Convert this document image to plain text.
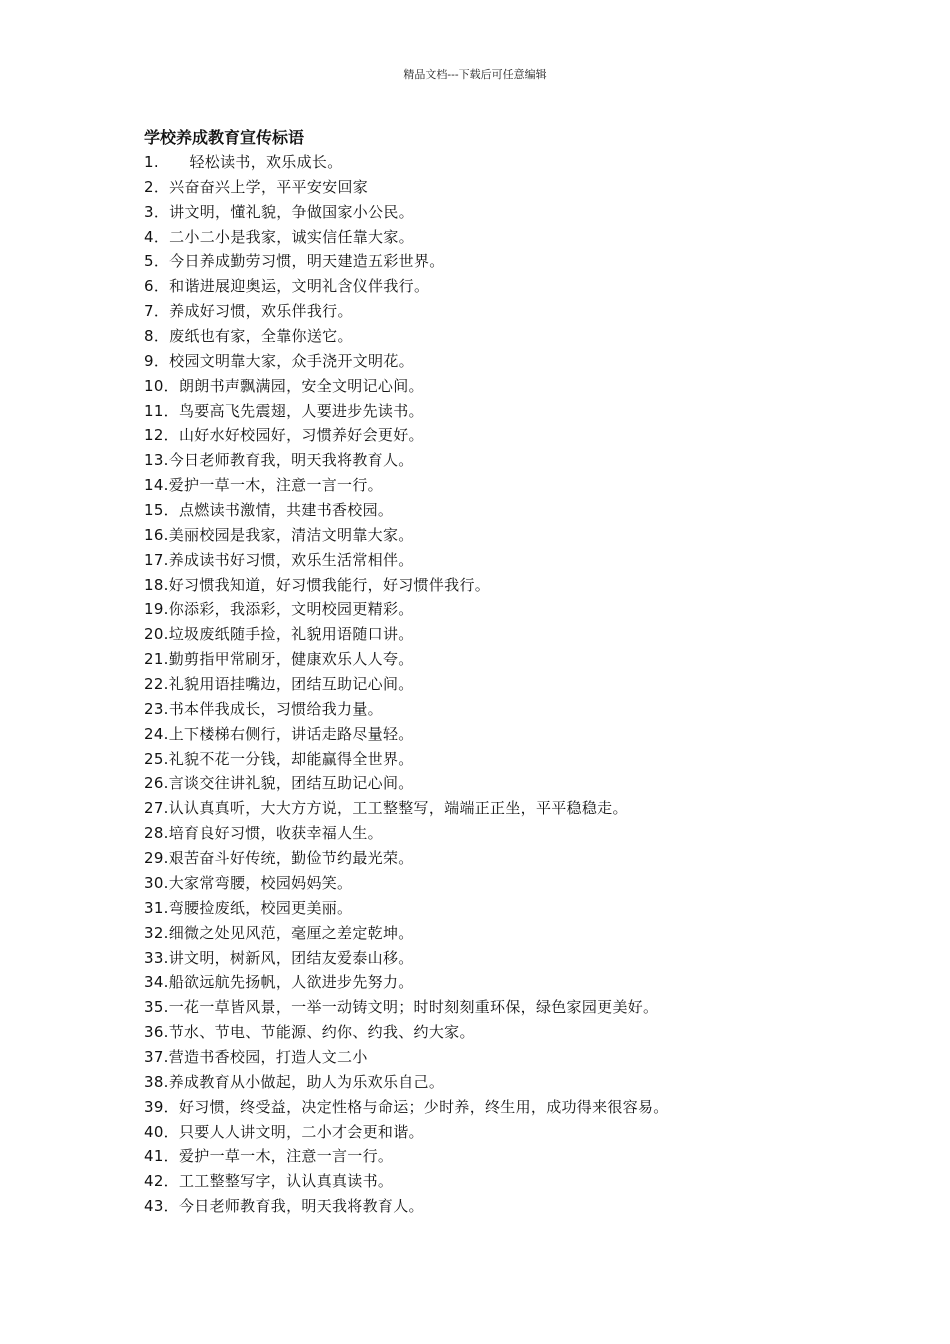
精品文档---下载后可任意编辑
学校养成教育宣传标语
1.　　轻松读书，欢乐成长。
2．兴奋奋兴上学，平平安安回家
3．讲文明，懂礼貌，争做国家小公民。
4．二小二小是我家，诚实信任靠大家。
5．今日养成勤劳习惯，明天建造五彩世界。
6．和谐进展迎奥运，文明礼含仪伴我行。
7．养成好习惯，欢乐伴我行。
8．废纸也有家，全靠你送它。
9．校园文明靠大家，众手浇开文明花。
10．朗朗书声飘满园，安全文明记心间。
11．鸟要高飞先震翅，人要进步先读书。
12．山好水好校园好，习惯养好会更好。
13.今日老师教育我，明天我将教育人。
14.爱护一草一木，注意一言一行。
15．点燃读书激情，共建书香校园。
16.美丽校园是我家，清洁文明靠大家。
17.养成读书好习惯，欢乐生活常相伴。
18.好习惯我知道，好习惯我能行，好习惯伴我行。
19.你添彩，我添彩，文明校园更精彩。
20.垃圾废纸随手捡，礼貌用语随口讲。
21.勤剪指甲常刷牙，健康欢乐人人夸。
22.礼貌用语挂嘴边，团结互助记心间。
23.书本伴我成长，习惯给我力量。
24.上下楼梯右侧行，讲话走路尽量轻。
25.礼貌不花一分钱，却能赢得全世界。
26.言谈交往讲礼貌，团结互助记心间。
27.认认真真听，大大方方说，工工整整写，端端正正坐，平平稳稳走。
28.培育良好习惯，收获幸福人生。
29.艰苦奋斗好传统，勤俭节约最光荣。
30.大家常弯腰，校园妈妈笑。
31.弯腰捡废纸，校园更美丽。
32.细微之处见风范，毫厘之差定乾坤。
33.讲文明，树新风，团结友爱泰山移。
34.船欲远航先扬帆，人欲进步先努力。
35.一花一草皆风景，一举一动铸文明；时时刻刻重环保，绿色家园更美好。
36.节水、节电、节能源、约你、约我、约大家。
37.营造书香校园，打造人文二小
38.养成教育从小做起，助人为乐欢乐自己。
39．好习惯，终受益，决定性格与命运；少时养，终生用，成功得来很容易。
40．只要人人讲文明，二小才会更和谐。
41．爱护一草一木，注意一言一行。
42．工工整整写字，认认真真读书。
43．今日老师教育我，明天我将教育人。
